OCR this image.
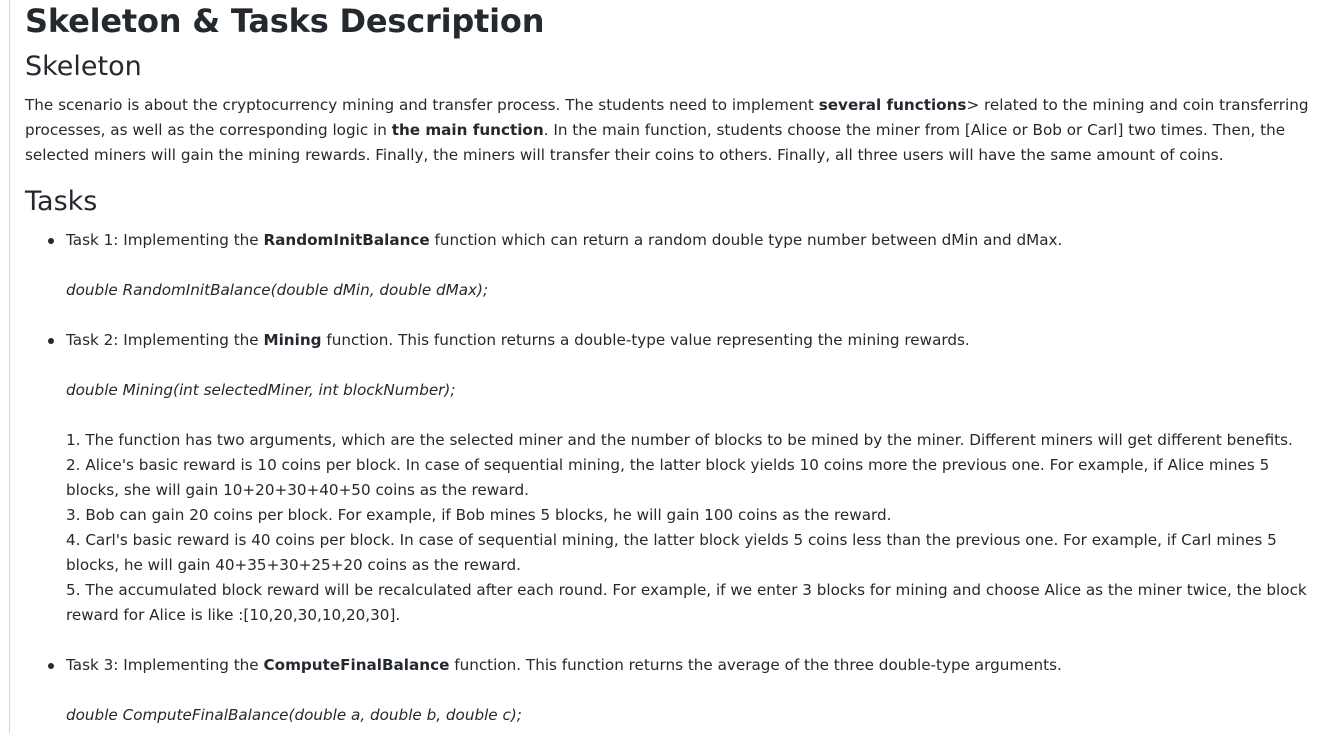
Skeleton & Tasks Description
Skeleton

The scenario is about the cryptocurrency mining and transfer process. The students need to implement several functions> related to the mining and coin transferring processes, as well as the corresponding logic in the main function. In the main function, students choose the miner from [Alice or Bob or Carl] two times. Then, the selected miners will gain the mining rewards. Finally, the miners will transfer their coins to others. Finally, all three users will have the same amount of coins.

Tasks
Task 1: Implementing the RandomInitBalance function which can return a random double type number between dMin and dMax.
double RandomInitBalance(double dMin, double dMax);
Task 2: Implementing the Mining function. This function returns a double-type value representing the mining rewards.
double Mining(int selectedMiner, int blockNumber);
1. The function has two arguments, which are the selected miner and the number of blocks to be mined by the miner. Different miners will get different benefits.
2. Alice's basic reward is 10 coins per block. In case of sequential mining, the latter block yields 10 coins more the previous one. For example, if Alice mines 5 blocks, she will gain 10+20+30+40+50 coins as the reward.
3. Bob can gain 20 coins per block. For example, if Bob mines 5 blocks, he will gain 100 coins as the reward.
4. Carl's basic reward is 40 coins per block. In case of sequential mining, the latter block yields 5 coins less than the previous one. For example, if Carl mines 5 blocks, he will gain 40+35+30+25+20 coins as the reward.
5. The accumulated block reward will be recalculated after each round. For example, if we enter 3 blocks for mining and choose Alice as the miner twice, the block reward for Alice is like :[10,20,30,10,20,30].
Task 3: Implementing the ComputeFinalBalance function. This function returns the average of the three double-type arguments.
double ComputeFinalBalance(double a, double b, double c);
